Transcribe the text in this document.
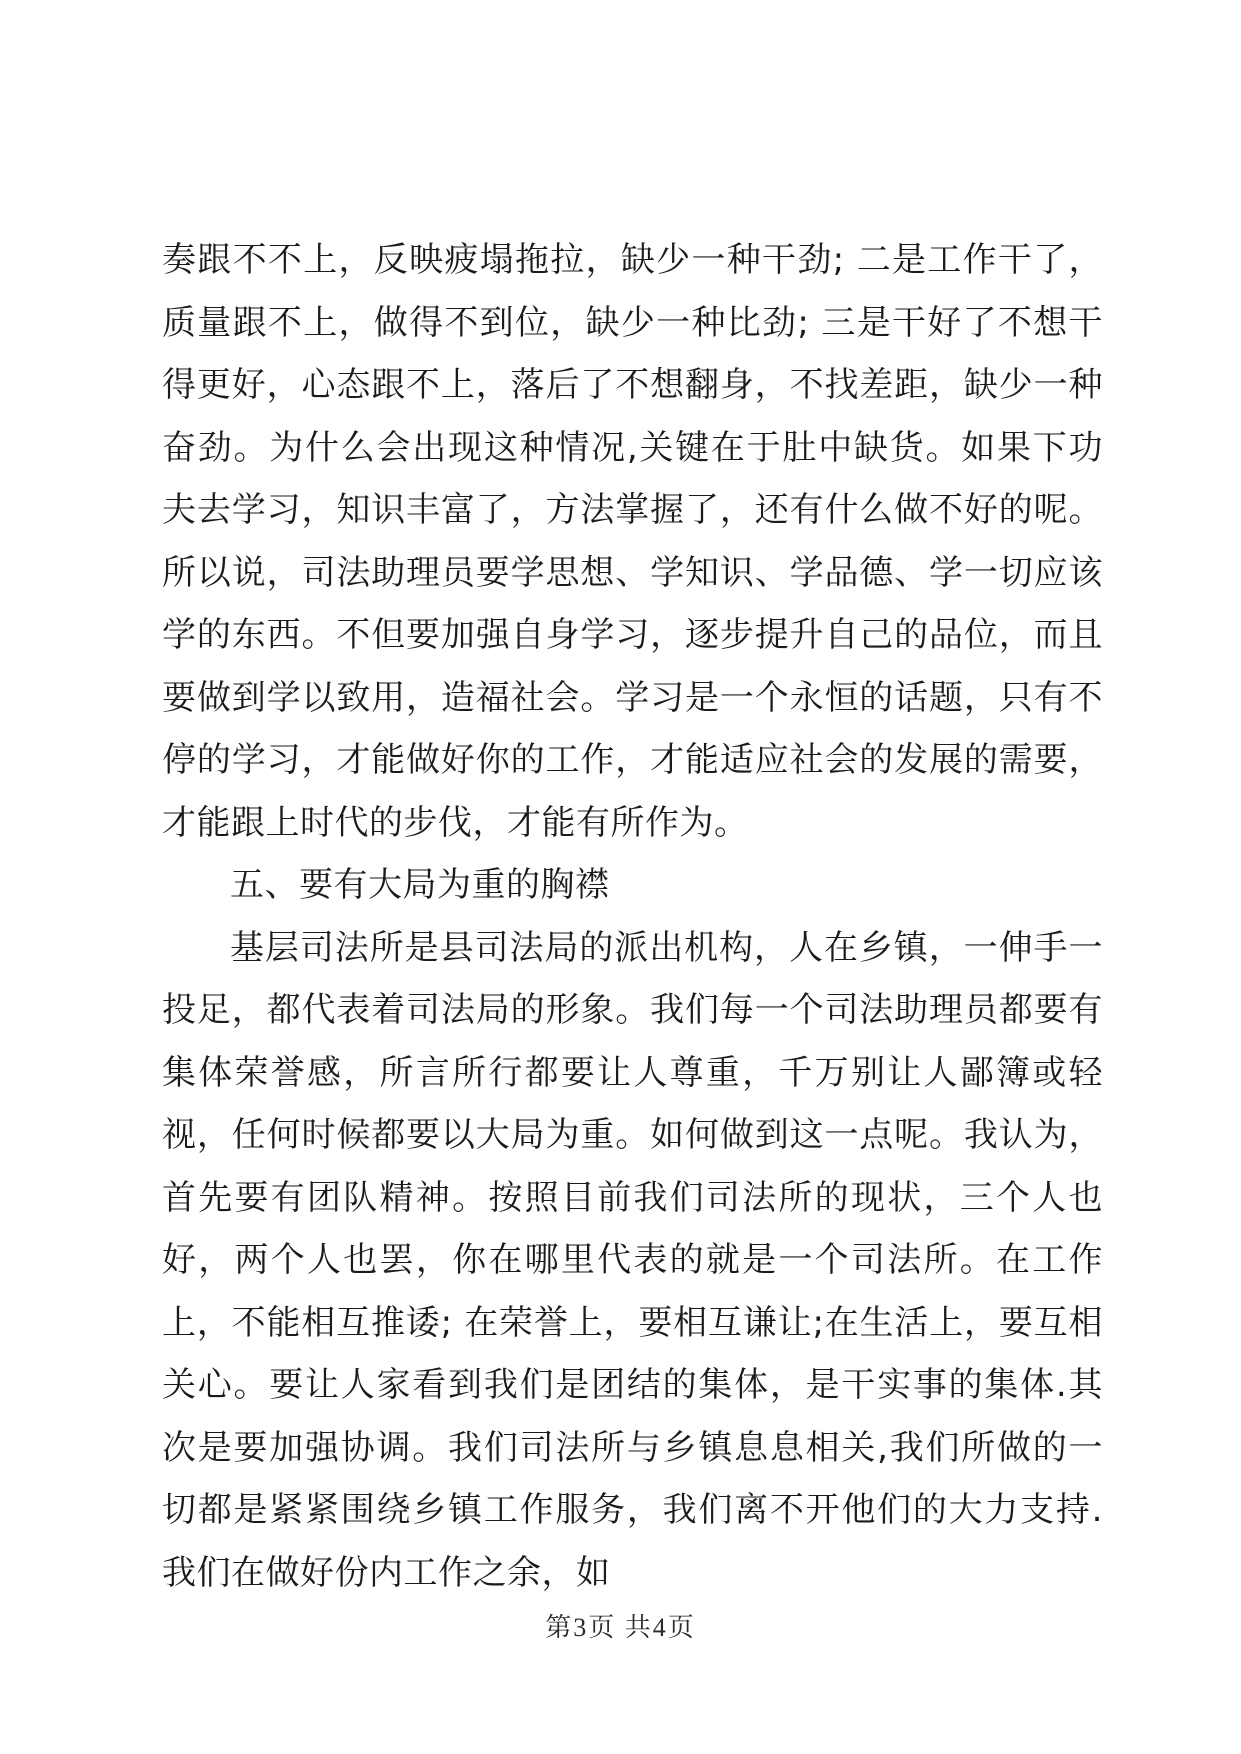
奏跟不不上，反映疲塌拖拉，缺少一种干劲; 二是工作干了，质量跟不上，做得不到位，缺少一种比劲; 三是干好了不想干得更好，心态跟不上，落后了不想翻身，不找差距，缺少一种奋劲。为什么会出现这种情况,关键在于肚中缺货。如果下功夫去学习，知识丰富了，方法掌握了，还有什么做不好的呢。所以说，司法助理员要学思想、学知识、学品德、学一切应该学的东西。不但要加强自身学习，逐步提升自己的品位，而且要做到学以致用，造福社会。学习是一个永恒的话题，只有不停的学习，才能做好你的工作，才能适应社会的发展的需要，才能跟上时代的步伐，才能有所作为。

五、要有大局为重的胸襟

基层司法所是县司法局的派出机构，人在乡镇，一伸手一投足，都代表着司法局的形象。我们每一个司法助理员都要有集体荣誉感，所言所行都要让人尊重，千万别让人鄙簿或轻视，任何时候都要以大局为重。如何做到这一点呢。我认为，首先要有团队精神。按照目前我们司法所的现状，三个人也好，两个人也罢，你在哪里代表的就是一个司法所。在工作上，不能相互推诿; 在荣誉上，要相互谦让;在生活上，要互相关心。要让人家看到我们是团结的集体，是干实事的集体.其次是要加强协调。我们司法所与乡镇息息相关,我们所做的一切都是紧紧围绕乡镇工作服务，我们离不开他们的大力支持.我们在做好份内工作之余，如

第3页 共4页
